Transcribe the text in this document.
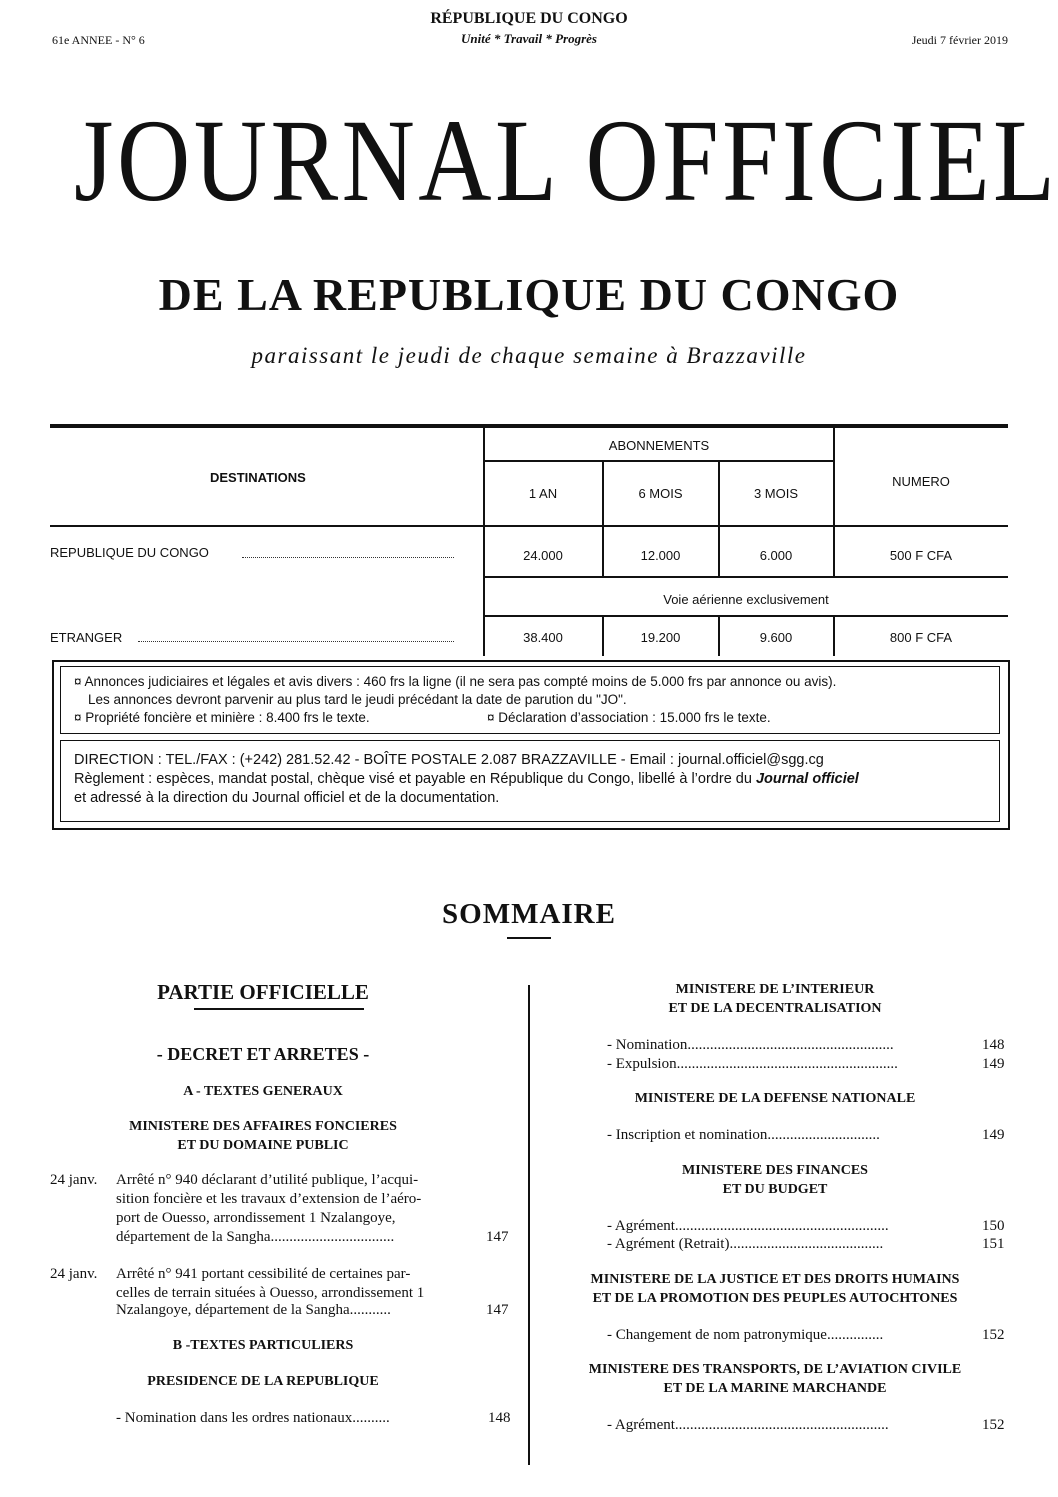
61e ANNEE - N° 6
RÉPUBLIQUE DU CONGO
Unité * Travail * Progrès	Jeudi 7 février 2019
JOURNAL OFFICIEL
DE LA REPUBLIQUE DU CONGO
paraissant le jeudi de chaque semaine à Brazzaville
DESTINATIONS
ABONNEMENTS
1 AN	6 MOIS	3 MOIS
NUMERO
REPUBLIQUE DU CONGO	24.000	12.000	6.000	500 F CFA
Voie aérienne exclusivement
ETRANGER	38.400	19.200	9.600	800 F CFA
¤ Annonces judiciaires et légales et avis divers : 460 frs la ligne (il ne sera pas compté moins de 5.000 frs par annonce ou avis).
Les annonces devront parvenir au plus tard le jeudi précédant la date de parution du "JO".
¤ Propriété foncière et minière : 8.400 frs le texte.	¤ Déclaration d’association : 15.000 frs le texte.
DIRECTION : TEL./FAX : (+242) 281.52.42 - BOÎTE POSTALE 2.087 BRAZZAVILLE - Email : journal.officiel@sgg.cg
Règlement : espèces, mandat postal, chèque visé et payable en République du Congo, libellé à l’ordre du Journal officiel
et adressé à la direction du Journal officiel et de la documentation.
SOMMAIRE
PARTIE OFFICIELLE
- DECRET ET ARRETES -
A - TEXTES GENERAUX
MINISTERE DES AFFAIRES FONCIERES
ET DU DOMAINE PUBLIC
24 janv. Arrêté n° 940 déclarant d’utilité publique, l’acqui-
sition foncière et les travaux d’extension de l’aéro-
port de Ouesso, arrondissement 1 Nzalangoye,
département de la Sangha.................................	147
24 janv. Arrêté n° 941 portant cessibilité de certaines par-
celles de terrain situées à Ouesso, arrondissement 1
Nzalangoye, département de la Sangha...........	147
B -TEXTES PARTICULIERS
PRESIDENCE DE LA REPUBLIQUE
- Nomination dans les ordres nationaux..........	148
MINISTERE DE L’INTERIEUR
ET DE LA DECENTRALISATION
- Nomination.......................................................	148
- Expulsion...........................................................	149
MINISTERE DE LA DEFENSE NATIONALE
- Inscription et nomination..............................	149
MINISTERE DES FINANCES
ET DU BUDGET
- Agrément.........................................................	150
- Agrément (Retrait).........................................	151
MINISTERE DE LA JUSTICE ET DES DROITS HUMAINS
ET DE LA PROMOTION DES PEUPLES AUTOCHTONES
- Changement de nom patronymique...............	152
MINISTERE DES TRANSPORTS, DE L’AVIATION CIVILE
ET DE LA MARINE MARCHANDE
- Agrément.........................................................	152
